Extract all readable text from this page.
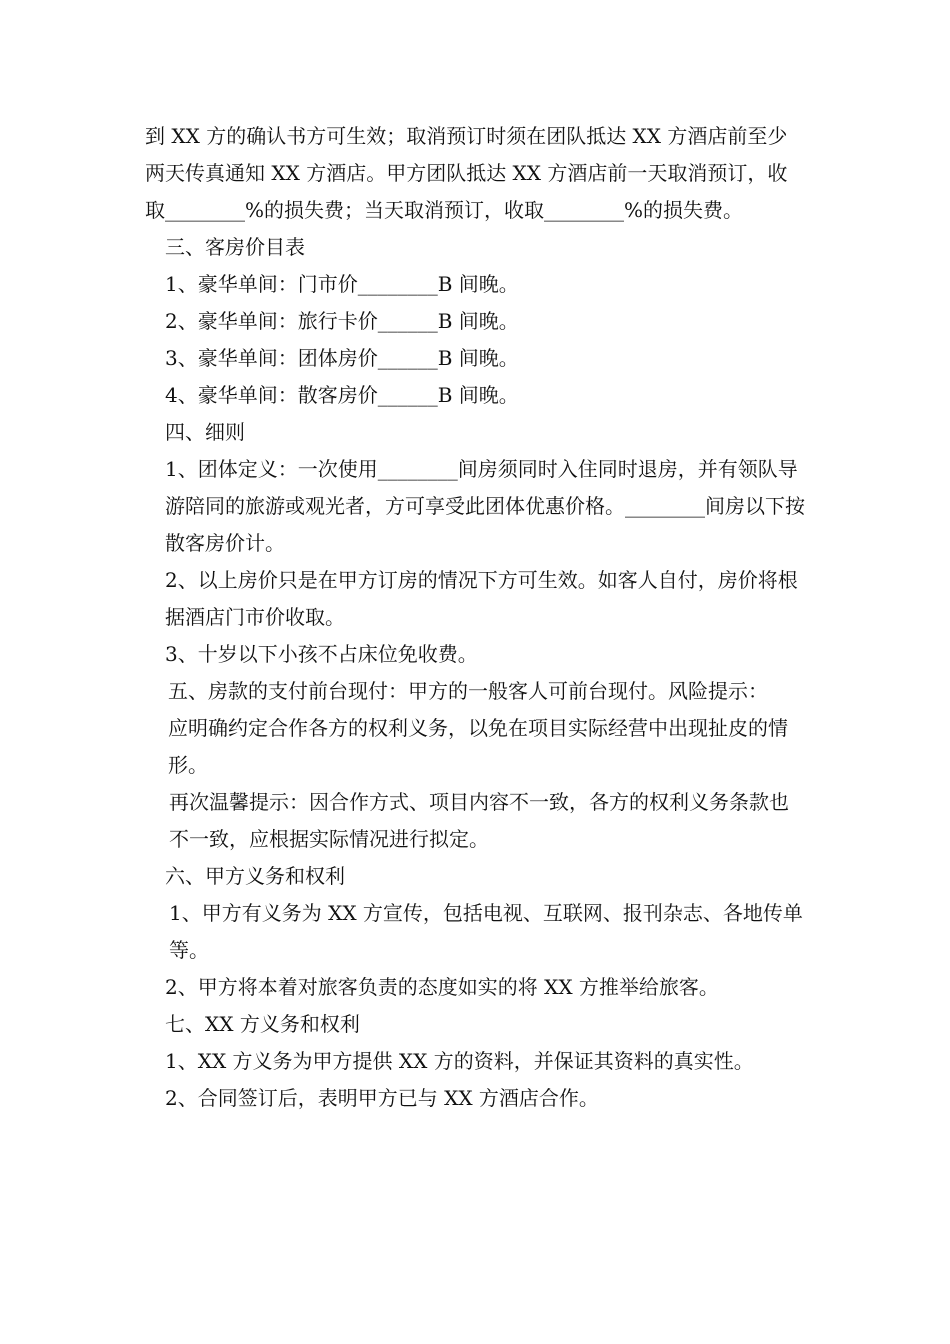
到 XX 方的确认书方可生效；取消预订时须在团队抵达 XX 方酒店前至少两天传真通知 XX 方酒店。甲方团队抵达 XX 方酒店前一天取消预订，收取________%的损失费；当天取消预订，收取________%的损失费。

三、客房价目表

1、豪华单间：门市价________B 间晚。

2、豪华单间：旅行卡价______B 间晚。

3、豪华单间：团体房价______B 间晚。

4、豪华单间：散客房价______B 间晚。

四、细则

1、团体定义：一次使用________间房须同时入住同时退房，并有领队导游陪同的旅游或观光者，方可享受此团体优惠价格。________间房以下按散客房价计。

2、以上房价只是在甲方订房的情况下方可生效。如客人自付，房价将根据酒店门市价收取。

3、十岁以下小孩不占床位免收费。

五、房款的支付前台现付：甲方的一般客人可前台现付。风险提示：

应明确约定合作各方的权利义务，以免在项目实际经营中出现扯皮的情形。

再次温馨提示：因合作方式、项目内容不一致，各方的权利义务条款也不一致，应根据实际情况进行拟定。

六、甲方义务和权利

1、甲方有义务为 XX 方宣传，包括电视、互联网、报刊杂志、各地传单等。

2、甲方将本着对旅客负责的态度如实的将 XX 方推举给旅客。

七、XX 方义务和权利

1、XX 方义务为甲方提供 XX 方的资料，并保证其资料的真实性。

2、合同签订后，表明甲方已与 XX 方酒店合作。
